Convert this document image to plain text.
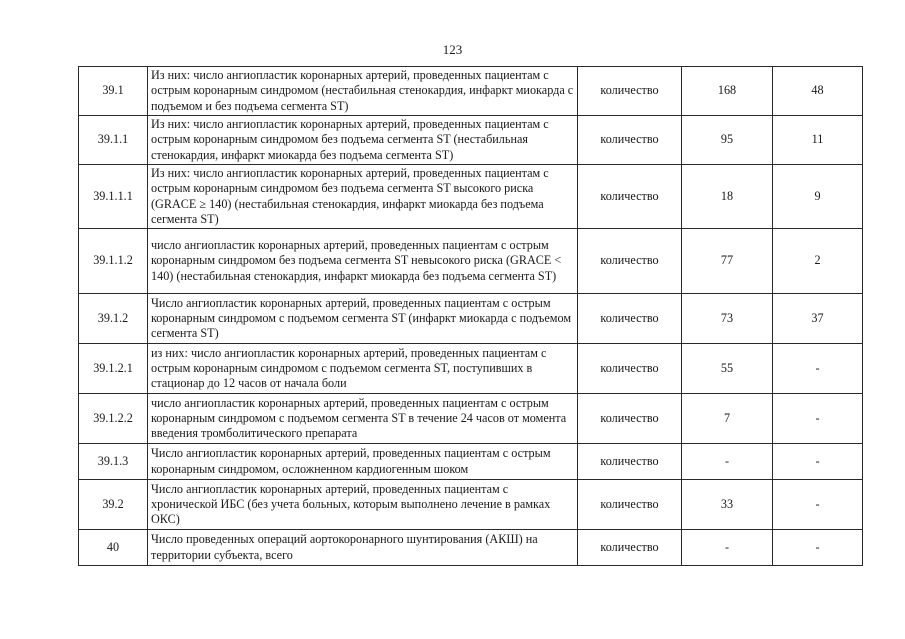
123
39.1	Из них: число ангиопластик коронарных артерий, проведенных пациентам с острым коронарным синдромом (нестабильная стенокардия, инфаркт миокарда с подъемом и без подъема сегмента ST)	количество	168	48
39.1.1	Из них: число ангиопластик коронарных артерий, проведенных пациентам с острым коронарным синдромом без подъема сегмента ST (нестабильная стенокардия, инфаркт миокарда без подъема сегмента ST)	количество	95	11
39.1.1.1	Из них: число ангиопластик коронарных артерий, проведенных пациентам с острым коронарным синдромом без подъема сегмента ST высокого риска (GRACE ≥ 140) (нестабильная стенокардия, инфаркт миокарда без подъема сегмента ST)	количество	18	9
39.1.1.2	число ангиопластик коронарных артерий, проведенных пациентам с острым коронарным синдромом без подъема сегмента ST невысокого риска (GRACE < 140) (нестабильная стенокардия, инфаркт миокарда без подъема сегмента ST)	количество	77	2
39.1.2	Число ангиопластик коронарных артерий, проведенных пациентам с острым коронарным синдромом с подъемом сегмента ST (инфаркт миокарда с подъемом сегмента ST)	количество	73	37
39.1.2.1	из них: число ангиопластик коронарных артерий, проведенных пациентам с острым коронарным синдромом с подъемом сегмента ST, поступивших в стационар до 12 часов от начала боли	количество	55	-
39.1.2.2	число ангиопластик коронарных артерий, проведенных пациентам с острым коронарным синдромом с подъемом сегмента ST в течение 24 часов от момента введения тромболитического препарата	количество	7	-
39.1.3	Число ангиопластик коронарных артерий, проведенных пациентам с острым коронарным синдромом, осложненном кардиогенным шоком	количество	-	-
39.2	Число ангиопластик коронарных артерий, проведенных пациентам с хронической ИБС (без учета больных, которым выполнено лечение в рамках ОКС)	количество	33	-
40	Число проведенных операций аортокоронарного шунтирования (АКШ) на территории субъекта, всего	количество	-	-
